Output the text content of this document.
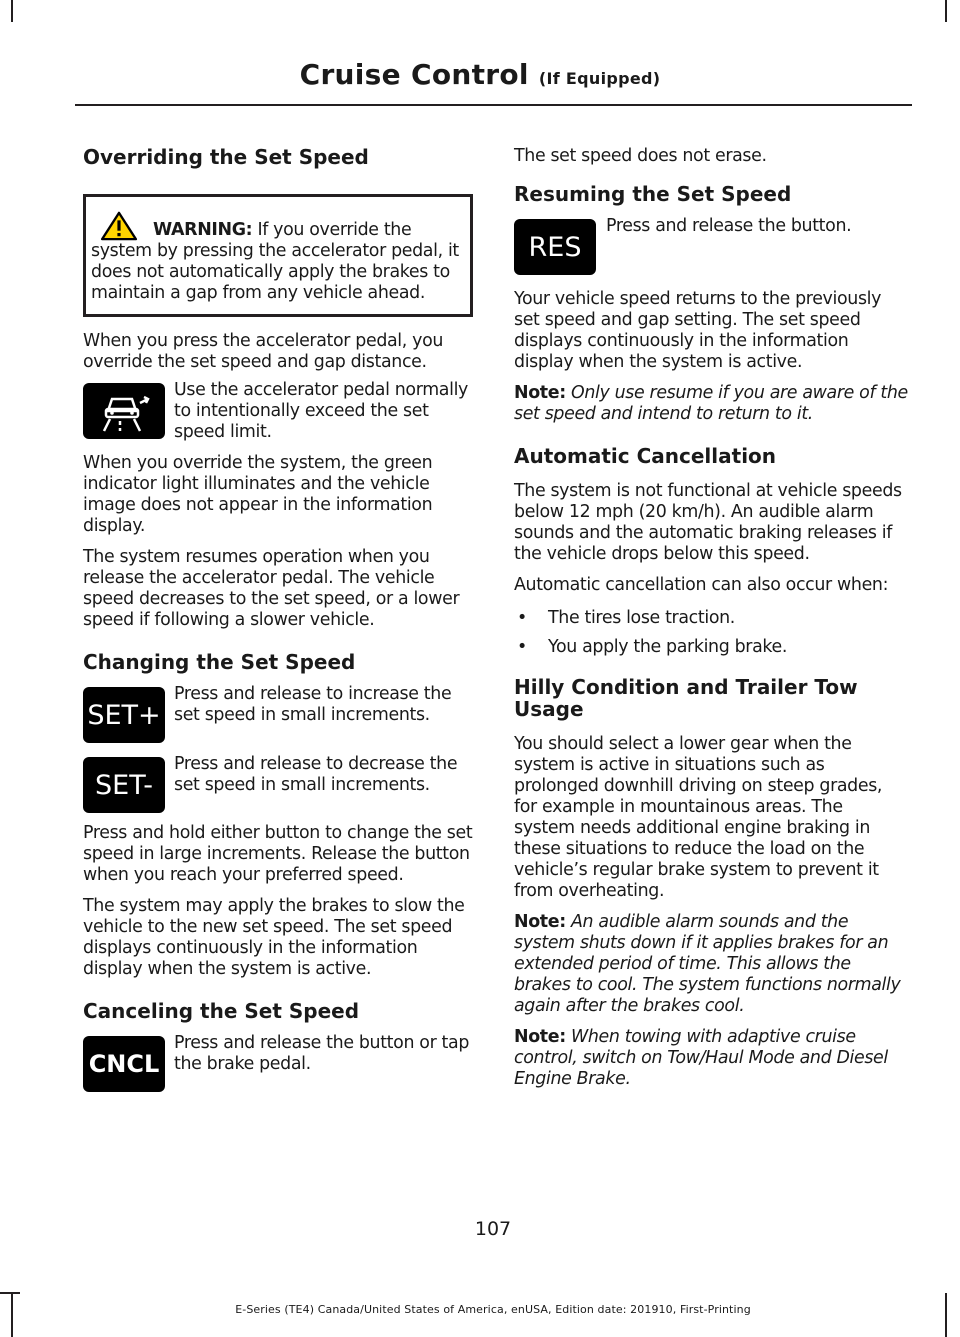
Cruise Control (If Equipped)
Overriding the Set Speed
WARNING: If you override the system by pressing the accelerator pedal, it does not automatically apply the brakes to maintain a gap from any vehicle ahead.

When you press the accelerator pedal, you override the set speed and gap distance.

Use the accelerator pedal normally to intentionally exceed the set speed limit.

When you override the system, the green indicator light illuminates and the vehicle image does not appear in the information display.

The system resumes operation when you release the accelerator pedal. The vehicle speed decreases to the set speed, or a lower speed if following a slower vehicle.

Changing the Set Speed
SET+

Press and release to increase the set speed in small increments.

SET-

Press and release to decrease the set speed in small increments.

Press and hold either button to change the set speed in large increments. Release the button when you reach your preferred speed.

The system may apply the brakes to slow the vehicle to the new set speed. The set speed displays continuously in the information display when the system is active.

Canceling the Set Speed
CNCL

Press and release the button or tap the brake pedal.

The set speed does not erase.

Resuming the Set Speed
RES

Press and release the button.

Your vehicle speed returns to the previously set speed and gap setting. The set speed displays continuously in the information display when the system is active.

Note: Only use resume if you are aware of the set speed and intend to return to it.

Automatic Cancellation

The system is not functional at vehicle speeds below 12 mph (20 km/h). An audible alarm sounds and the automatic braking releases if the vehicle drops below this speed.

Automatic cancellation can also occur when:

• The tires lose traction.
• You apply the parking brake.
Hilly Condition and Trailer Tow Usage

You should select a lower gear when the system is active in situations such as prolonged downhill driving on steep grades, for example in mountainous areas. The system needs additional engine braking in these situations to reduce the load on the vehicle’s regular brake system to prevent it from overheating.

Note: An audible alarm sounds and the system shuts down if it applies brakes for an extended period of time. This allows the brakes to cool. The system functions normally again after the brakes cool.

Note: When towing with adaptive cruise control, switch on Tow/Haul Mode and Diesel Engine Brake.

107
E-Series (TE4) Canada/United States of America, enUSA, Edition date: 201910, First-Printing
